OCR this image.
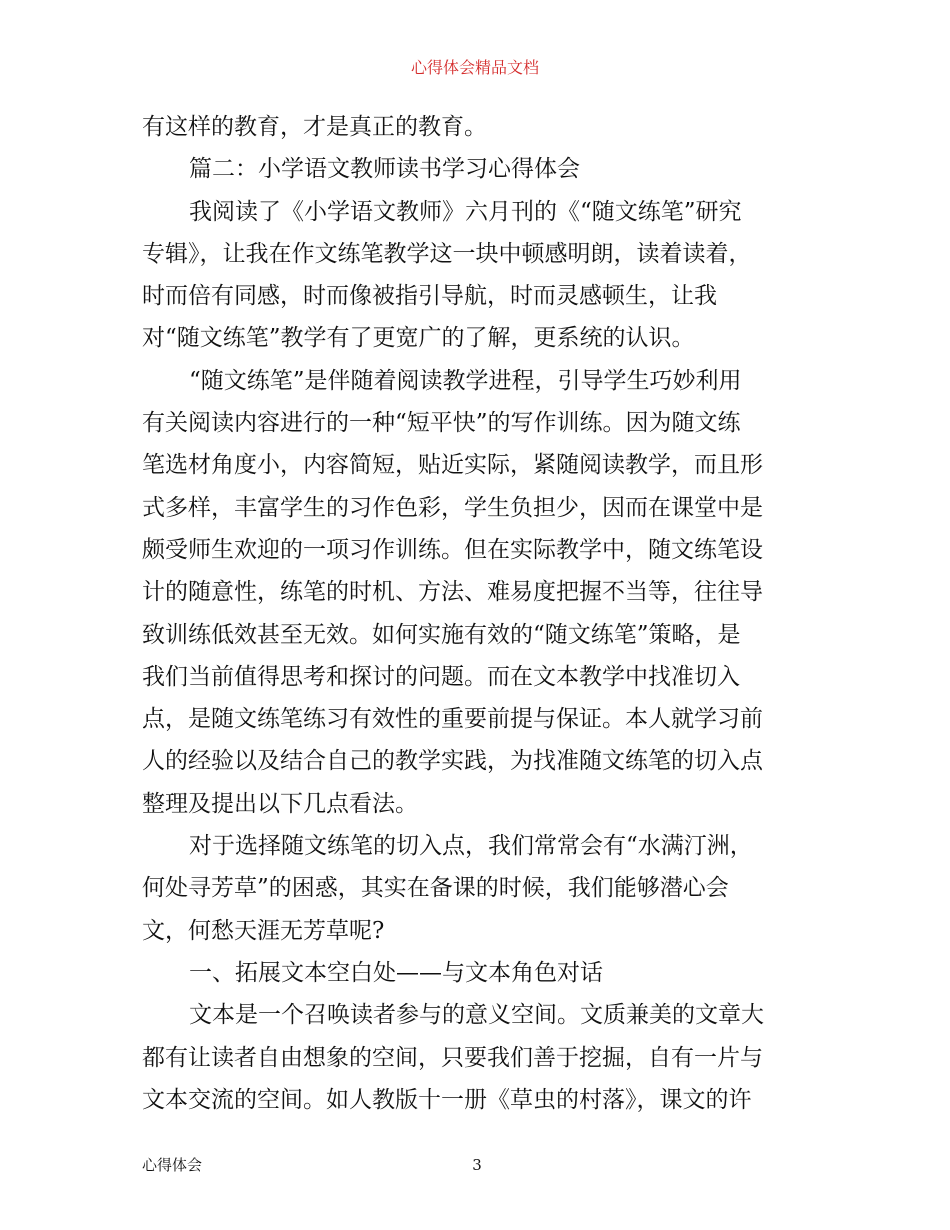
心得体会精品文档
有这样的教育，才是真正的教育。
篇二：小学语文教师读书学习心得体会
我阅读了《小学语文教师》六月刊的《“随文练笔”研究
专辑》，让我在作文练笔教学这一块中顿感明朗，读着读着，
时而倍有同感，时而像被指引导航，时而灵感顿生，让我
对“随文练笔”教学有了更宽广的了解，更系统的认识。
“随文练笔”是伴随着阅读教学进程，引导学生巧妙利用
有关阅读内容进行的一种“短平快”的写作训练。因为随文练
笔选材角度小，内容简短，贴近实际，紧随阅读教学，而且形
式多样，丰富学生的习作色彩，学生负担少，因而在课堂中是
颇受师生欢迎的一项习作训练。但在实际教学中，随文练笔设
计的随意性，练笔的时机、方法、难易度把握不当等，往往导
致训练低效甚至无效。如何实施有效的“随文练笔”策略，是
我们当前值得思考和探讨的问题。而在文本教学中找准切入
点，是随文练笔练习有效性的重要前提与保证。本人就学习前
人的经验以及结合自己的教学实践，为找准随文练笔的切入点
整理及提出以下几点看法。
对于选择随文练笔的切入点，我们常常会有“水满汀洲，
何处寻芳草”的困惑，其实在备课的时候，我们能够潜心会
文，何愁天涯无芳草呢?
一、拓展文本空白处——与文本角色对话
文本是一个召唤读者参与的意义空间。文质兼美的文章大
都有让读者自由想象的空间，只要我们善于挖掘，自有一片与
文本交流的空间。如人教版十一册《草虫的村落》，课文的许
心得体会	3
